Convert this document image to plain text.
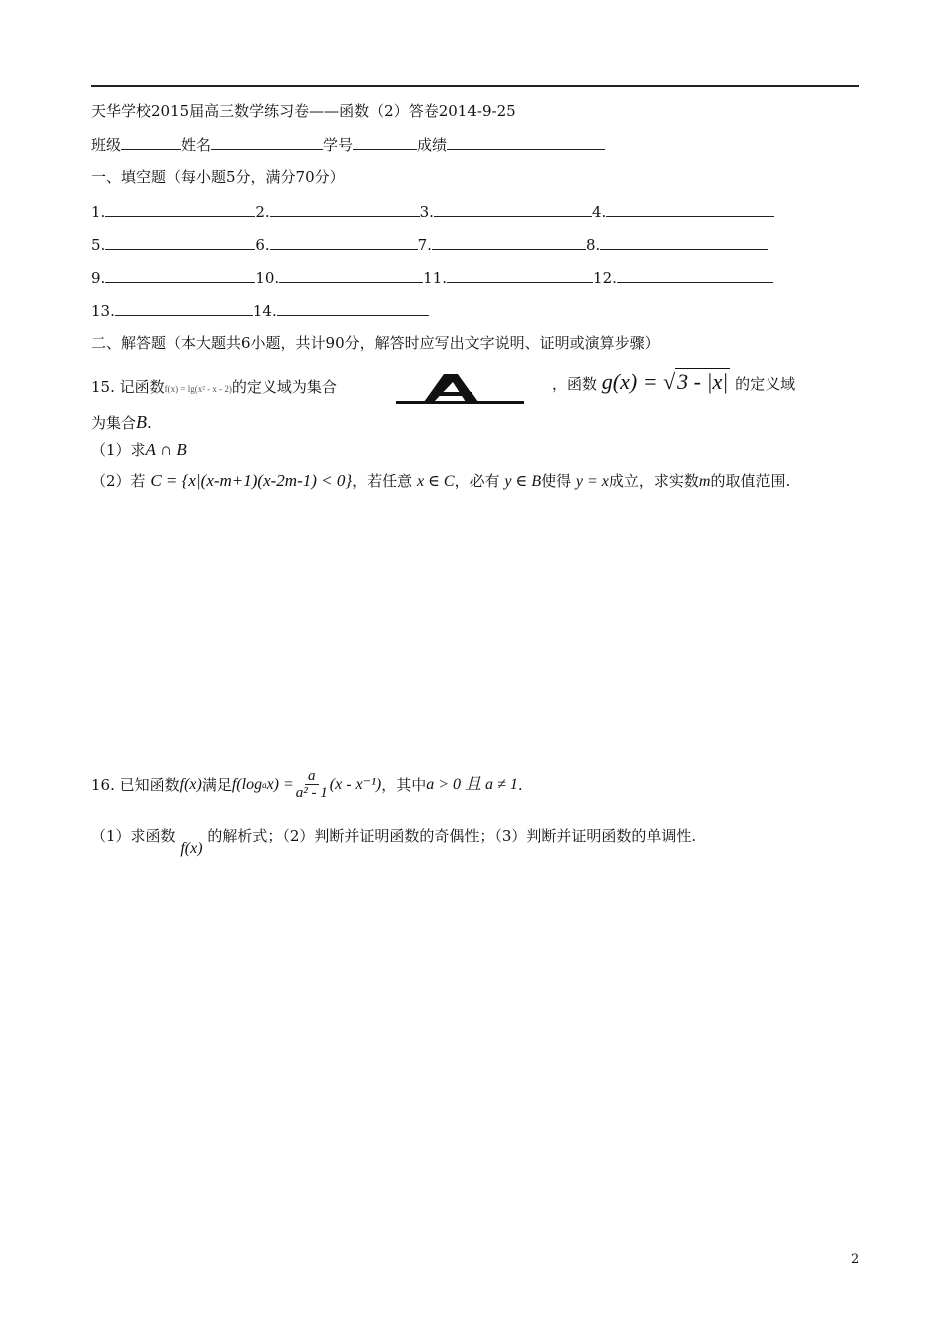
天华学校2015届高三数学练习卷——函数（2）答卷2014-9-25
班级	姓名	学号	成绩
一、填空题（每小题5分，满分70分）
1.	2.	3.	4.
5.	6.	7.	8.
9.	10.	11.	12.
13.	14.
二、解答题（本大题共6小题，共计90分，解答时应写出文字说明、证明或演算步骤）
15. 记函数f(x) = lg(x² - x - 2)的定义域为集合	，函数 g(x) = √3 - |x| 的定义域
为集合B.
（1）求A ∩ B
（2）若 C = {x|(x-m+1)(x-2m-1) < 0}，若任意 x ∈ C，必有 y ∈ B使得 y = x成立，求实数m的取值范围.
16. 已知函数 f(x) 满足 f(log a $x) = \frac{a}{\text{a² - 1}} (x - x^{-1})$ ，其中 a > 0 且 a ≠ 1 .
（1）求函数 f(x) 的解析式；（2）判断并证明函数的奇偶性；（3）判断并证明函数的单调性.
2
